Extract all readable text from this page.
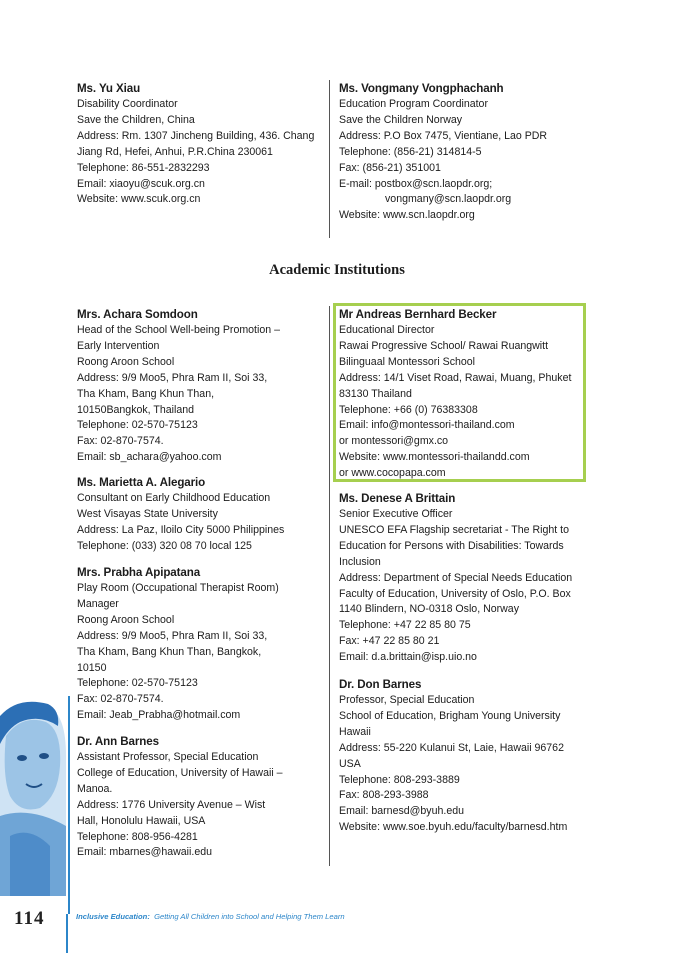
Ms. Yu Xiau
Disability Coordinator
Save the Children, China
Address: Rm. 1307 Jincheng Building, 436. Chang
Jiang Rd, Hefei, Anhui, P.R.China 230061
Telephone: 86-551-2832293
Email: xiaoyu@scuk.org.cn
Website: www.scuk.org.cn
Ms. Vongmany Vongphachanh
Education Program Coordinator
Save the Children Norway
Address: P.O Box 7475, Vientiane, Lao PDR
Telephone: (856-21) 314814-5
Fax: (856-21) 351001
E-mail: postbox@scn.laopdr.org;
vongmany@scn.laopdr.org
Website: www.scn.laopdr.org
Academic Institutions
Mrs. Achara Somdoon
Head of the School Well-being Promotion –
Early Intervention
Roong Aroon School
Address: 9/9 Moo5, Phra Ram II, Soi 33,
Tha Kham, Bang Khun Than,
10150Bangkok, Thailand
Telephone: 02-570-75123
Fax: 02-870-7574.
Email: sb_achara@yahoo.com
Ms. Marietta A. Alegario
Consultant on Early Childhood Education
West Visayas State University
Address: La Paz, Iloilo City 5000 Philippines
Telephone: (033) 320 08 70 local 125
Mrs. Prabha Apipatana
Play Room (Occupational Therapist Room)
Manager
Roong Aroon School
Address: 9/9 Moo5, Phra Ram II, Soi 33,
Tha Kham, Bang Khun Than, Bangkok,
10150
Telephone: 02-570-75123
Fax: 02-870-7574.
Email: Jeab_Prabha@hotmail.com
Dr. Ann Barnes
Assistant Professor, Special Education
College of Education, University of Hawaii –
Manoa.
Address: 1776 University Avenue – Wist
Hall, Honolulu Hawaii, USA
Telephone: 808-956-4281
Email: mbarnes@hawaii.edu
Mr Andreas Bernhard Becker
Educational Director
Rawai Progressive School/ Rawai Ruangwitt
Bilinguaal Montessori School
Address: 14/1 Viset Road, Rawai, Muang, Phuket
83130 Thailand
Telephone: +66 (0) 76383308
Email: info@montessori-thailand.com
or montessori@gmx.co
Website: www.montessori-thailandd.com
or www.cocopapa.com
Ms. Denese A Brittain
Senior Executive Officer
UNESCO EFA Flagship secretariat - The Right to
Education for Persons with Disabilities: Towards
Inclusion
Address: Department of Special Needs Education
Faculty of Education, University of Oslo, P.O. Box
1140 Blindern, NO-0318 Oslo, Norway
Telephone: +47 22 85 80 75
Fax: +47 22 85 80 21
Email: d.a.brittain@isp.uio.no
Dr. Don Barnes
Professor, Special Education
School of Education, Brigham Young University
Hawaii
Address: 55-220 Kulanui St, Laie, Hawaii 96762
USA
Telephone: 808-293-3889
Fax: 808-293-3988
Email: barnesd@byuh.edu
Website: www.soe.byuh.edu/faculty/barnesd.htm
114	Inclusive Education:  Getting All Children into School and Helping Them Learn
